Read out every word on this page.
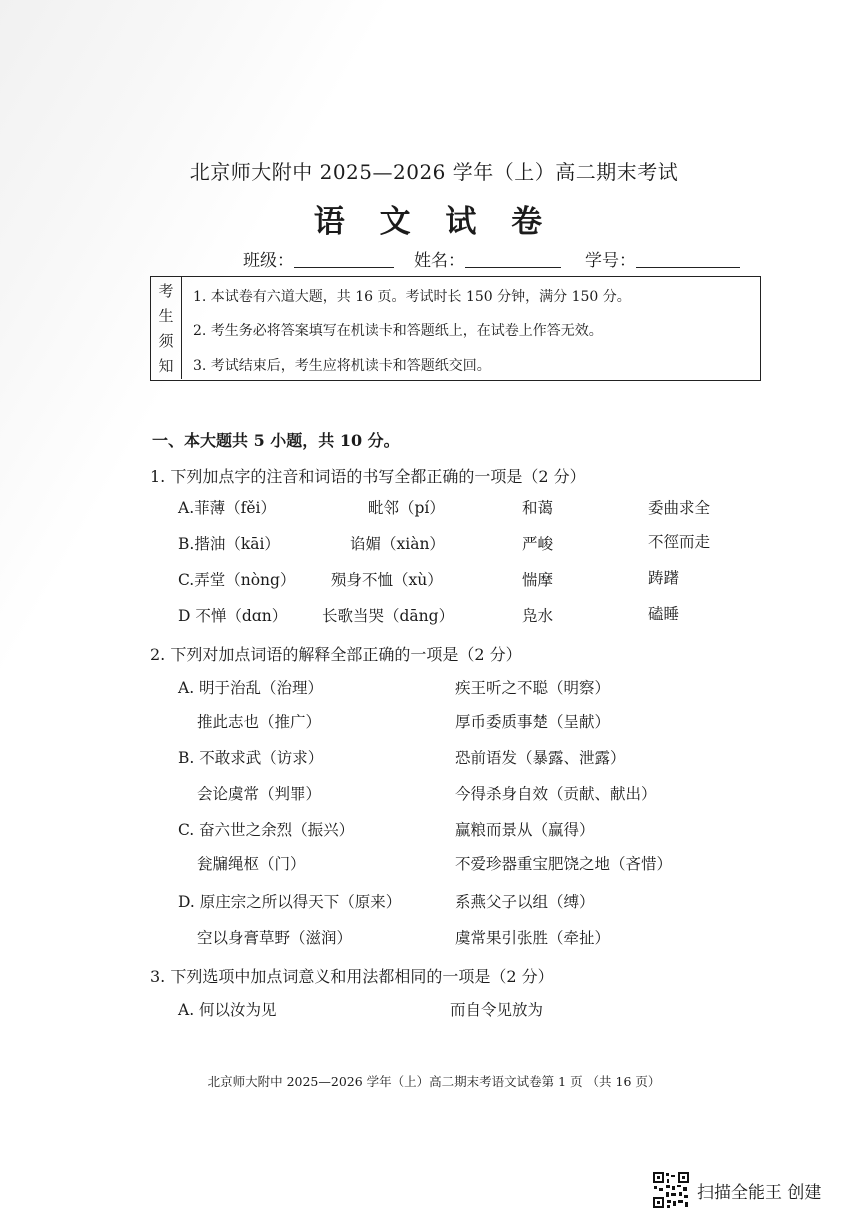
北京师大附中 2025—2026 学年（上）高二期末考试
语 文 试 卷
班级：	姓名：	学号：
考
生
须
知
1. 本试卷有六道大题，共 16 页。考试时长 150 分钟，满分 150 分。
2. 考生务必将答案填写在机读卡和答题纸上，在试卷上作答无效。
3. 考试结束后，考生应将机读卡和答题纸交回。
一、本大题共 5 小题，共 10 分。
1. 下列加点字的注音和词语的书写全都正确的一项是（2 分）
A.菲薄（fěi）	毗邻（pí）	和蔼	委曲求全
B.揩油（kāi）	谄媚（xiàn）	严峻	不徑而走
C.弄堂（nòng） 殒身不恤（xù）	惴摩	踌躇
D 不惮（dɑn） 长歌当哭（dāng）	凫水	磕睡
2. 下列对加点词语的解释全部正确的一项是（2 分）
A. 明于治乱（治理）	疾王听之不聪（明察）
推此志也（推广）	厚币委质事楚（呈献）
B. 不敢求武（访求）	恐前语发（暴露、泄露）
会论虞常（判罪）	今得杀身自效（贡献、献出）
C. 奋六世之余烈（振兴）	赢粮而景从（赢得）
瓮牖绳枢（门）	不爱珍器重宝肥饶之地（吝惜）
D. 原庄宗之所以得天下（原来）	系燕父子以组（缚）
空以身膏草野（滋润）	虞常果引张胜（牵扯）
3. 下列选项中加点词意义和用法都相同的一项是（2 分）
A. 何以汝为见	而自令见放为
北京师大附中 2025—2026 学年（上）高二期末考语文试卷第 1 页 （共 16 页）
扫描全能王 创建
